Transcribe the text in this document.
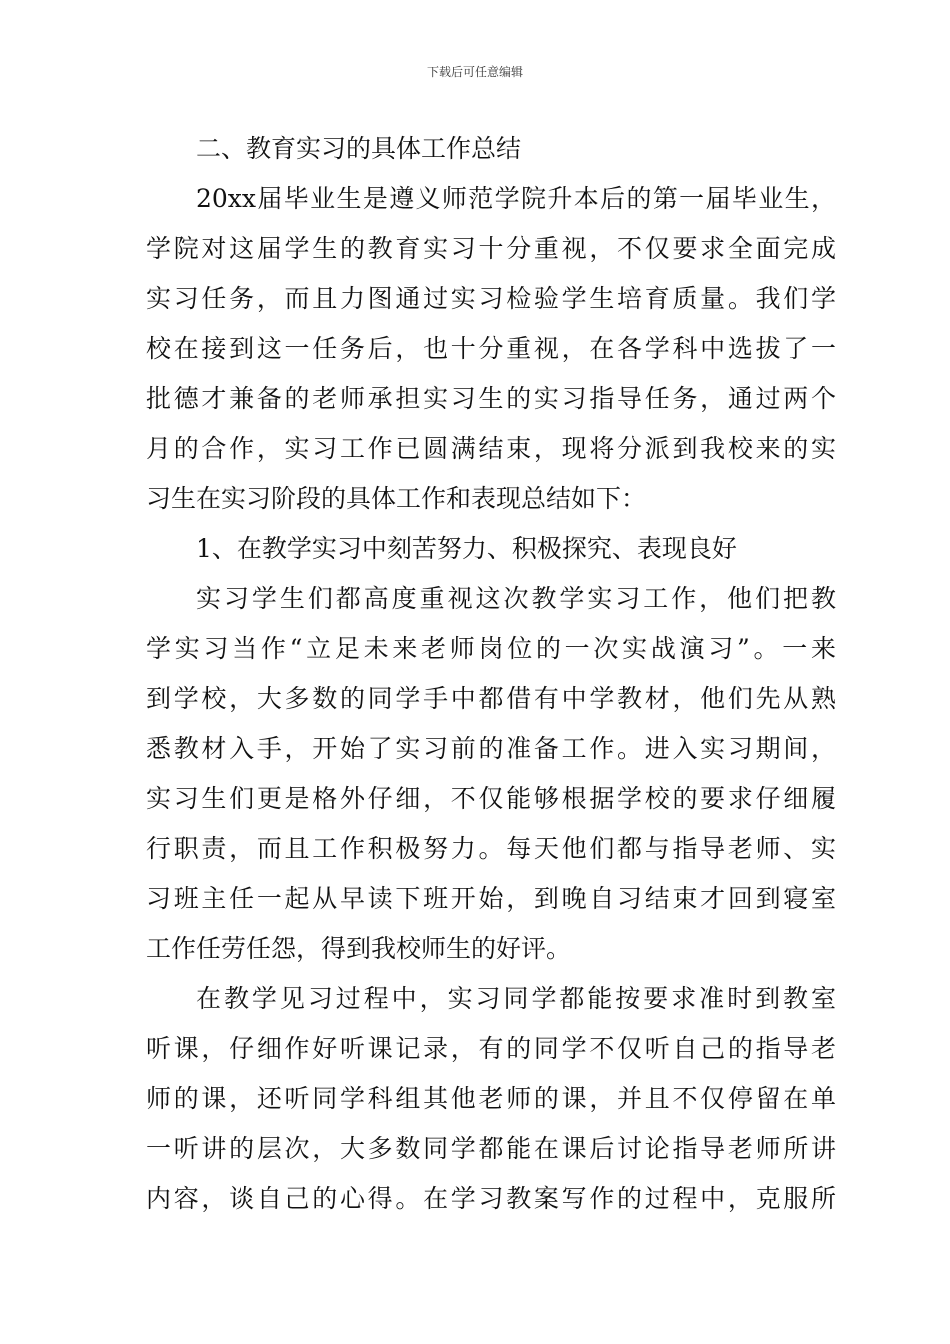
下载后可任意编辑
二、教育实习的具体工作总结
20xx届毕业生是遵义师范学院升本后的第一届毕业生，
学院对这届学生的教育实习十分重视，不仅要求全面完成
实习任务，而且力图通过实习检验学生培育质量。我们学
校在接到这一任务后，也十分重视，在各学科中选拔了一
批德才兼备的老师承担实习生的实习指导任务，通过两个
月的合作，实习工作已圆满结束，现将分派到我校来的实
习生在实习阶段的具体工作和表现总结如下：
1、在教学实习中刻苦努力、积极探究、表现良好
实习学生们都高度重视这次教学实习工作，他们把教
学实习当作“立足未来老师岗位的一次实战演习”。一来
到学校，大多数的同学手中都借有中学教材，他们先从熟
悉教材入手，开始了实习前的准备工作。进入实习期间，
实习生们更是格外仔细，不仅能够根据学校的要求仔细履
行职责，而且工作积极努力。每天他们都与指导老师、实
习班主任一起从早读下班开始，到晚自习结束才回到寝室
工作任劳任怨，得到我校师生的好评。
在教学见习过程中，实习同学都能按要求准时到教室
听课，仔细作好听课记录，有的同学不仅听自己的指导老
师的课，还听同学科组其他老师的课，并且不仅停留在单
一听讲的层次，大多数同学都能在课后讨论指导老师所讲
内容，谈自己的心得。在学习教案写作的过程中，克服所
